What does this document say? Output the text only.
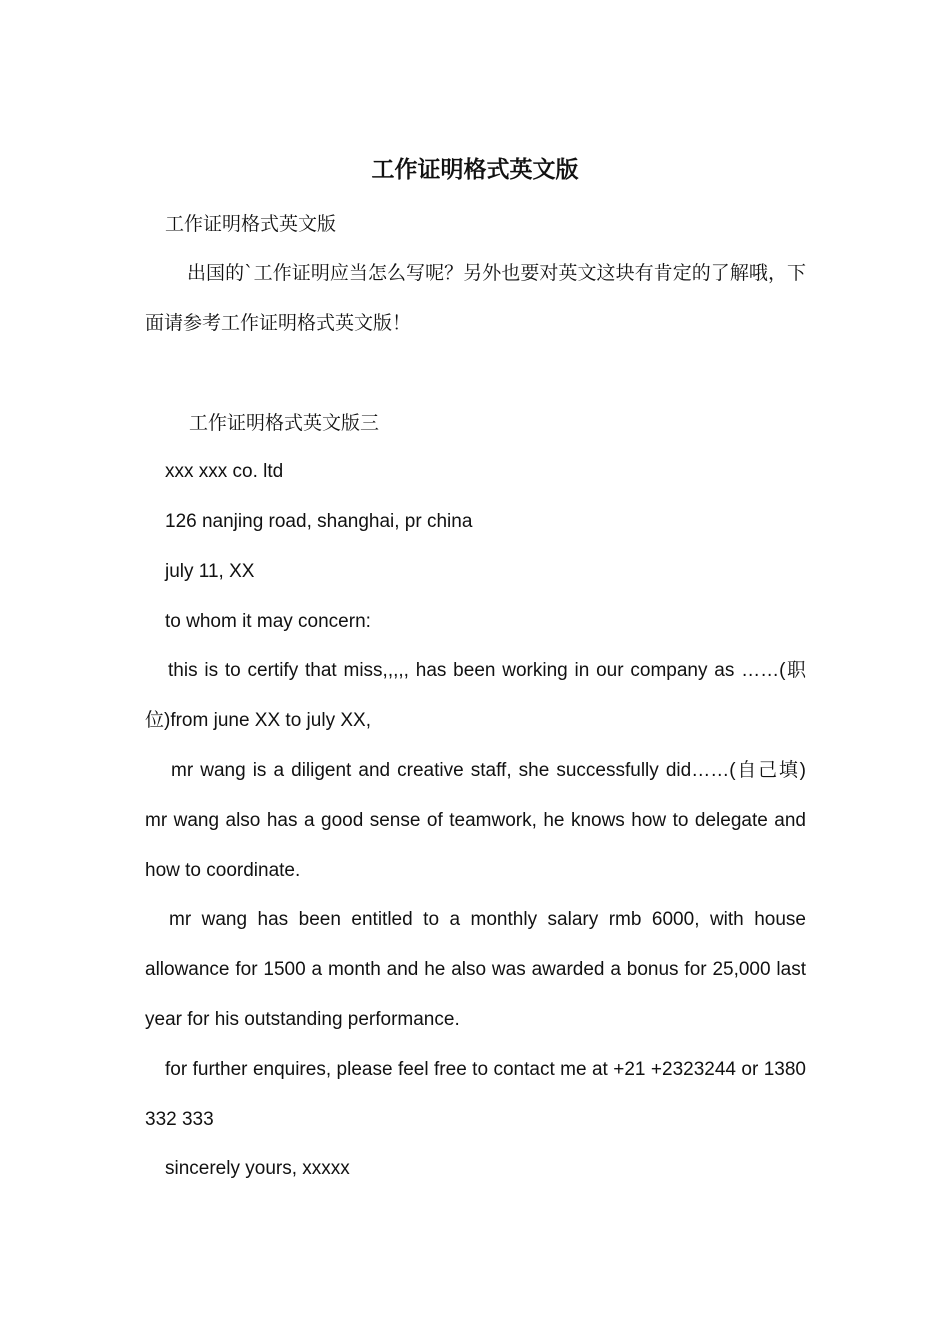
工作证明格式英文版
工作证明格式英文版
出国的`工作证明应当怎么写呢？另外也要对英文这块有肯定的了解哦，下面请参考工作证明格式英文版！
工作证明格式英文版三
xxx xxx co. ltd
126 nanjing road, shanghai, pr china
july 11, XX
to whom it may concern:
this is to certify that miss,,,,, has been working in our company as ……(职位)from june XX to july XX,
mr wang is a diligent and creative staff, she successfully did……(自己填) mr wang also has a good sense of teamwork, he knows how to delegate and how to coordinate.
mr wang has been entitled to a monthly salary rmb 6000, with house allowance for 1500 a month and he also was awarded a bonus for 25,000 last year for his outstanding performance.
for further enquires, please feel free to contact me at +21 +2323244 or 1380 332 333
sincerely yours, xxxxx
